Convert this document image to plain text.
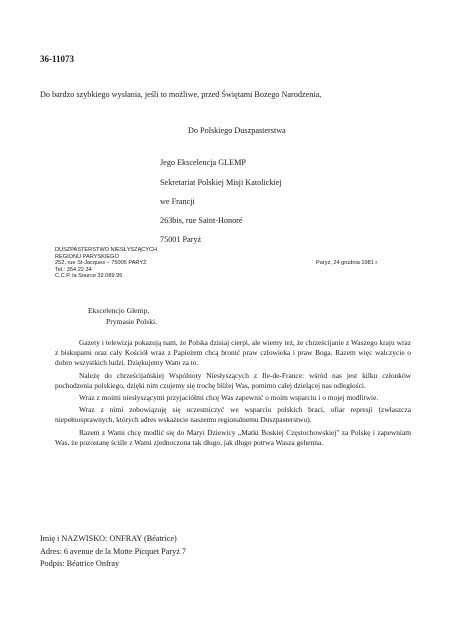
36-11073
Do bardzo szybkiego wysłania, jeśli to możliwe, przed Świętami Bożego Narodzenia,
Do Polskiego Duszpasterstwa
Jego Ekscelencja GLEMP
Sekretariat Polskiej Misji Katolickiej
we Francji
263bis, rue Saint-Honoré
75001 Paryż
DUSZPASTERSTWO NIESŁYSZĄCYCH
REGIONU PARYSKIEGO
252, rue St-Jacques – 75005 PARYŻ
Tel.: 354.22.34
C.C.P. la Source 32.089.95
Paryż, 24 grudnia 1981 r.
Ekscelencjo Glemp,
Prymasie Polski.

Gazety i telewizja pokazują nam, że Polska dzisiaj cierpi, ale wiemy też, że chrześcijanie z Waszego kraju wraz z biskupami oraz cały Kościół wraz z Papieżem chcą bronić praw człowieka i praw Boga. Razem więc walczycie o dobro wszystkich ludzi. Dziękujemy Wam za to.

Należę do chrześcijańskiej Wspólnoty Niesłyszących z Ile-de-France: wśród nas jest kilku członków pochodzenia polskiego, dzięki nim czujemy się trochę bliżej Was, pomimo całej dzielącej nas odległości.

Wraz z moimi niesłyszącymi przyjaciółmi chcę Was zapewnić o moim wsparciu i o mojej modlitwie.

Wraz z nimi zobowiązuję się uczestniczyć we wsparciu polskich braci, ofiar represji (zwłaszcza niepełnosprawnych, których adres wskażecie naszemu regionalnemu Duszpasterstwu).

Razem z Wami chcę modlić się do Maryi Dziewicy „Matki Boskiej Częstochowskiej" za Polskę i zapewniam Was, że pozostanę ściśle z Wami zjednoczona tak długo, jak długo potrwa Wasza gehenna.

Imię i NAZWISKO: ONFRAY (Béatrice)
Adres: 6 avenue de la Motte Picquet Paryż 7
Podpis: Béatrice Onfray
